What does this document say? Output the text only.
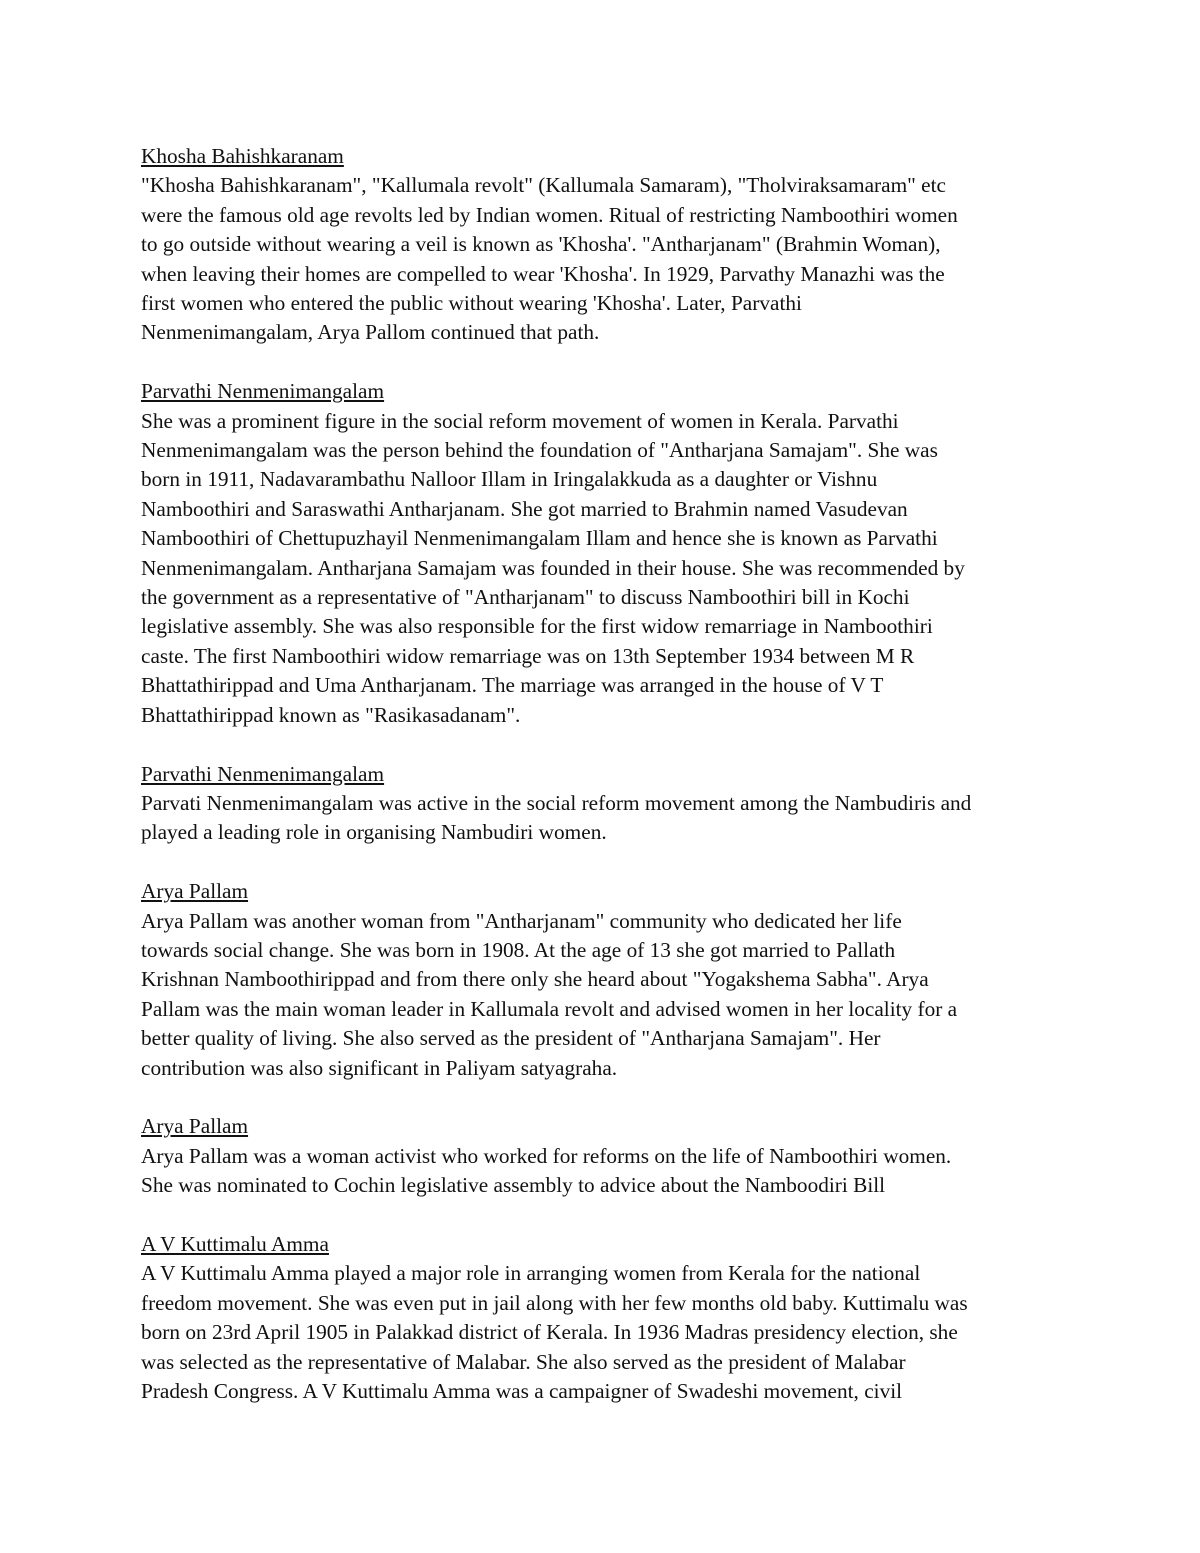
Khosha Bahishkaranam
"Khosha Bahishkaranam", "Kallumala revolt" (Kallumala Samaram), "Tholviraksamaram" etc
were the famous old age revolts led by Indian women. Ritual of restricting Namboothiri women
to go outside without wearing a veil is known as 'Khosha'. "Antharjanam" (Brahmin Woman),
when leaving their homes are compelled to wear 'Khosha'. In 1929, Parvathy Manazhi was the
first women who entered the public without wearing 'Khosha'. Later, Parvathi
Nenmenimangalam, Arya Pallom continued that path.
Parvathi Nenmenimangalam
She was a prominent figure in the social reform movement of women in Kerala. Parvathi
Nenmenimangalam was the person behind the foundation of "Antharjana Samajam". She was
born in 1911, Nadavarambathu Nalloor Illam in Iringalakkuda as a daughter or Vishnu
Namboothiri and Saraswathi Antharjanam. She got married to Brahmin named Vasudevan
Namboothiri of Chettupuzhayil Nenmenimangalam Illam and hence she is known as Parvathi
Nenmenimangalam. Antharjana Samajam was founded in their house. She was recommended by
the government as a representative of "Antharjanam" to discuss Namboothiri bill in Kochi
legislative assembly. She was also responsible for the first widow remarriage in Namboothiri
caste. The first Namboothiri widow remarriage was on 13th September 1934 between M R
Bhattathirippad and Uma Antharjanam. The marriage was arranged in the house of V T
Bhattathirippad known as "Rasikasadanam".
Parvathi Nenmenimangalam
Parvati Nenmenimangalam was active in the social reform movement among the Nambudiris and
played a leading role in organising Nambudiri women.
Arya Pallam
Arya Pallam was another woman from "Antharjanam" community who dedicated her life
towards social change. She was born in 1908. At the age of 13 she got married to Pallath
Krishnan Namboothirippad and from there only she heard about "Yogakshema Sabha". Arya
Pallam was the main woman leader in Kallumala revolt and advised women in her locality for a
better quality of living. She also served as the president of "Antharjana Samajam". Her
contribution was also significant in Paliyam satyagraha.
Arya Pallam
Arya Pallam was a woman activist who worked for reforms on the life of Namboothiri women.
She was nominated to Cochin legislative assembly to advice about the Namboodiri Bill
A V Kuttimalu Amma
A V Kuttimalu Amma played a major role in arranging women from Kerala for the national
freedom movement. She was even put in jail along with her few months old baby. Kuttimalu was
born on 23rd April 1905 in Palakkad district of Kerala. In 1936 Madras presidency election, she
was selected as the representative of Malabar. She also served as the president of Malabar
Pradesh Congress. A V Kuttimalu Amma was a campaigner of Swadeshi movement, civil
